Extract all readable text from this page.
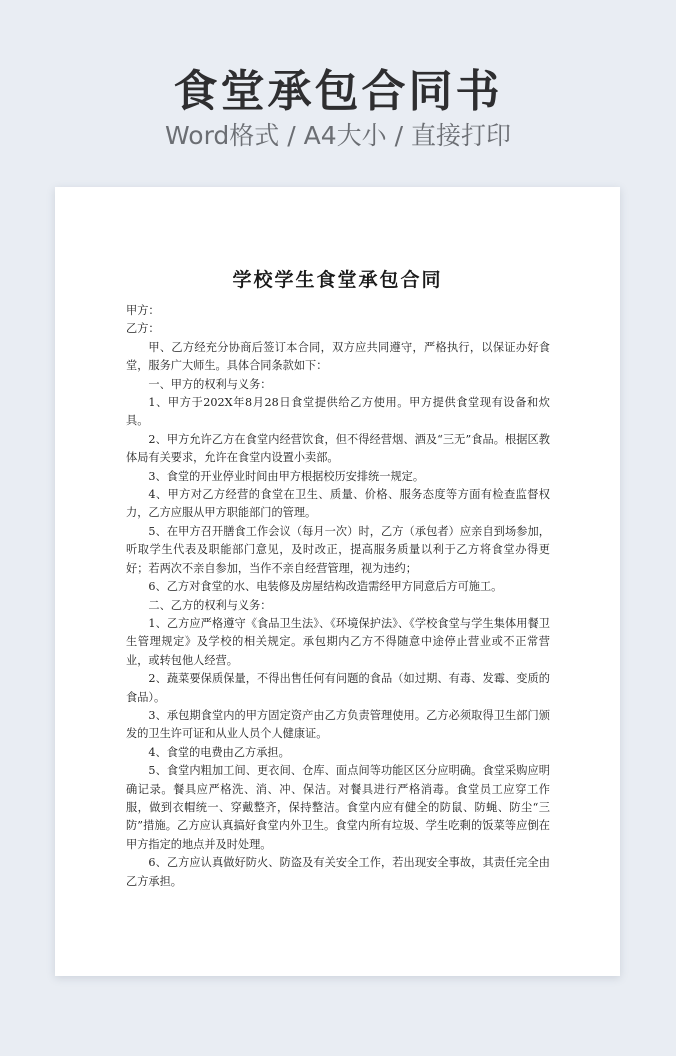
食堂承包合同书
Word格式 / A4大小 / 直接打印
学校学生食堂承包合同

甲方：

乙方：

甲、乙方经充分协商后签订本合同，双方应共同遵守，严格执行，以保证办好食堂，服务广大师生。具体合同条款如下：

一、甲方的权利与义务：

1、甲方于202X年8月28日食堂提供给乙方使用。甲方提供食堂现有设备和炊具。

2、甲方允许乙方在食堂内经营饮食，但不得经营烟、酒及“三无”食品。根据区教体局有关要求，允许在食堂内设置小卖部。

3、食堂的开业停业时间由甲方根据校历安排统一规定。

4、甲方对乙方经营的食堂在卫生、质量、价格、服务态度等方面有检查监督权力，乙方应服从甲方职能部门的管理。

5、在甲方召开膳食工作会议（每月一次）时，乙方（承包者）应亲自到场参加，听取学生代表及职能部门意见，及时改正，提高服务质量以利于乙方将食堂办得更好；若两次不亲自参加，当作不亲自经营管理，视为违约；

6、乙方对食堂的水、电装修及房屋结构改造需经甲方同意后方可施工。

二、乙方的权利与义务：

1、乙方应严格遵守《食品卫生法》、《环境保护法》、《学校食堂与学生集体用餐卫生管理规定》及学校的相关规定。承包期内乙方不得随意中途停止营业或不正常营业，或转包他人经营。

2、蔬菜要保质保量，不得出售任何有问题的食品（如过期、有毒、发霉、变质的食品）。

3、承包期食堂内的甲方固定资产由乙方负责管理使用。乙方必须取得卫生部门颁发的卫生许可证和从业人员个人健康证。

4、食堂的电费由乙方承担。

5、食堂内粗加工间、更衣间、仓库、面点间等功能区区分应明确。食堂采购应明确记录。餐具应严格洗、消、冲、保洁。对餐具进行严格消毒。食堂员工应穿工作服，做到衣帽统一、穿戴整齐，保持整洁。食堂内应有健全的防鼠、防蝇、防尘“三防”措施。乙方应认真搞好食堂内外卫生。食堂内所有垃圾、学生吃剩的饭菜等应倒在甲方指定的地点并及时处理。

6、乙方应认真做好防火、防盗及有关安全工作，若出现安全事故，其责任完全由乙方承担。
